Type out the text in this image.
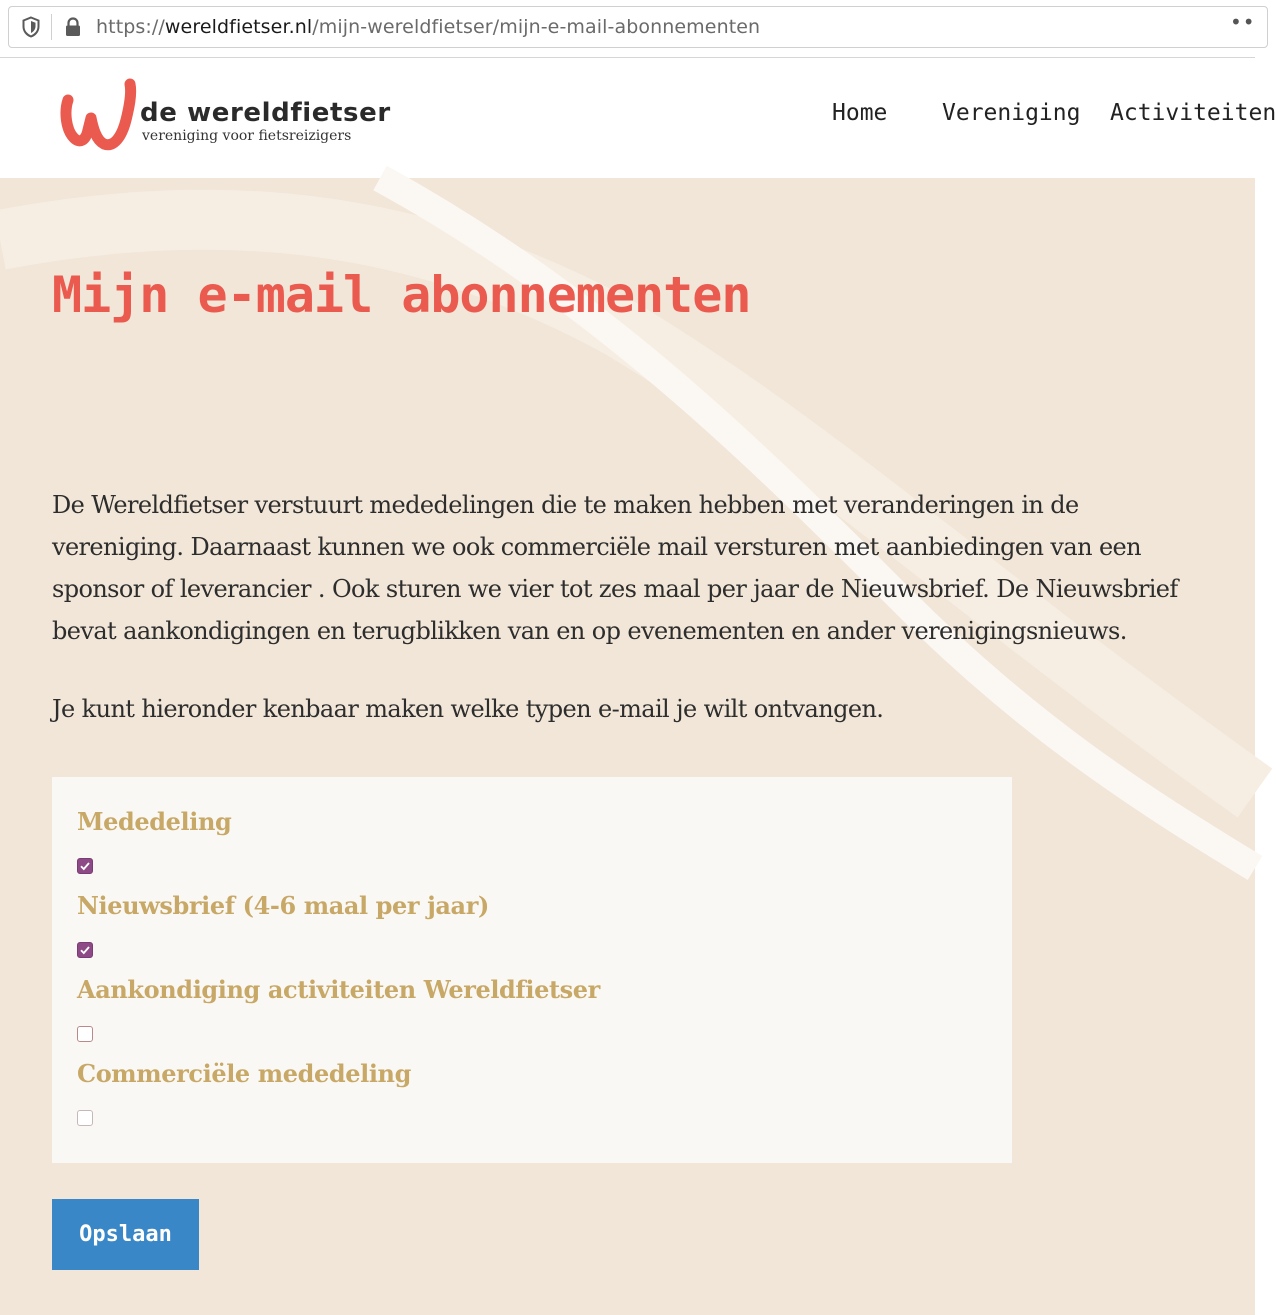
https://wereldfietser.nl/mijn-wereldfietser/mijn-e-mail-abonnementen	••
de wereldfietser
vereniging voor fietsreizigers
Home Vereniging Activiteiten
Mijn e-mail abonnementen

De Wereldfietser verstuurt mededelingen die te maken hebben met veranderingen in de vereniging. Daarnaast kunnen we ook commerciële mail versturen met aanbiedingen van een sponsor of leverancier . Ook sturen we vier tot zes maal per jaar de Nieuwsbrief. De Nieuwsbrief bevat aankondigingen en terugblikken van en op evenementen en ander verenigingsnieuws.

Je kunt hieronder kenbaar maken welke typen e-mail je wilt ontvangen.

Mededeling
Nieuwsbrief (4-6 maal per jaar)
Aankondiging activiteiten Wereldfietser
Commerciële mededeling
Opslaan
